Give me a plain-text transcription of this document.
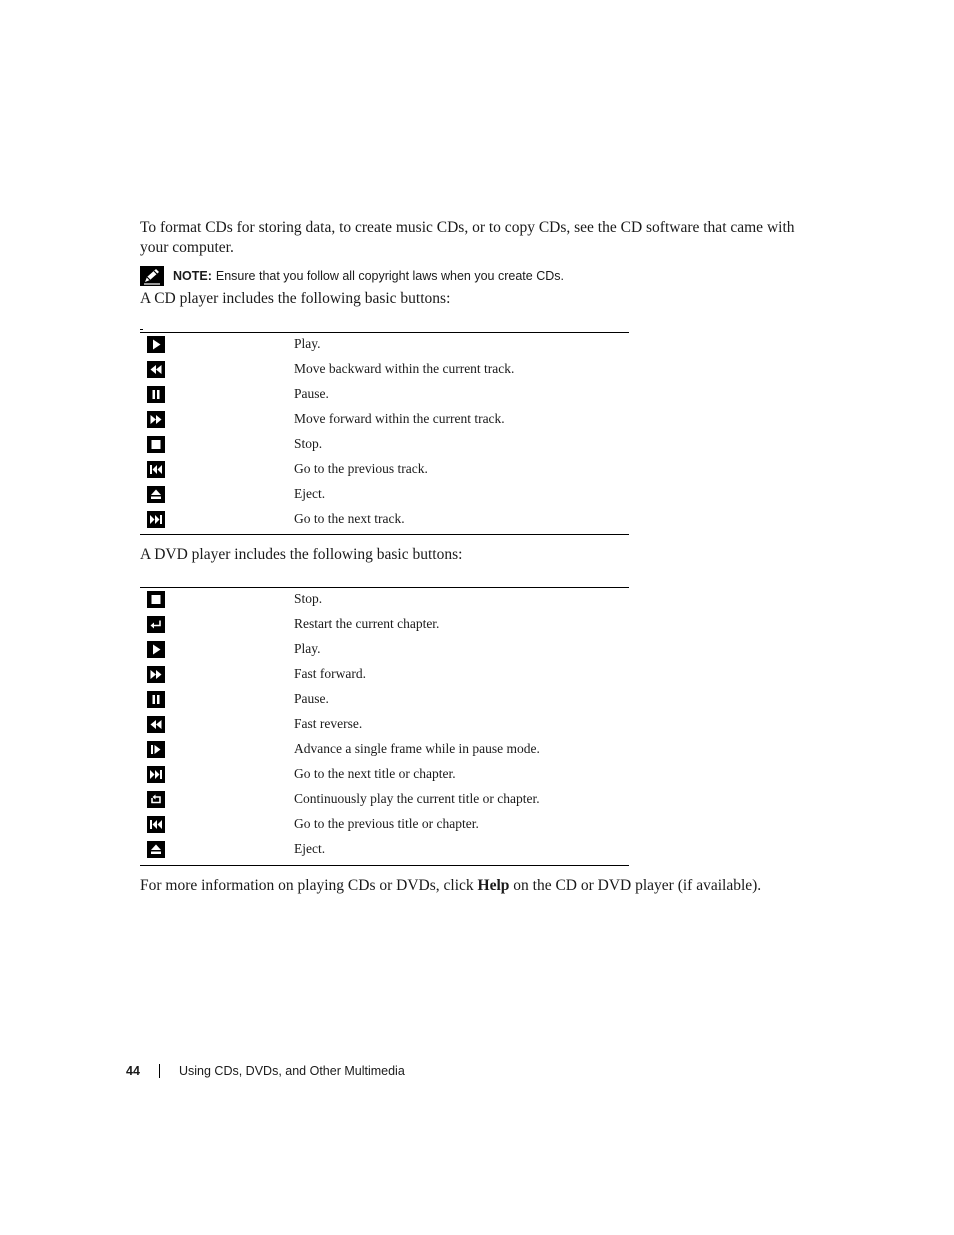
To format CDs for storing data, to create music CDs, or to copy CDs, see the CD software that came with your computer.

NOTE: Ensure that you follow all copyright laws when you create CDs.

A CD player includes the following basic buttons:

Play.
Move backward within the current track.
Pause.
Move forward within the current track.
Stop.
Go to the previous track.
Eject.
Go to the next track.

A DVD player includes the following basic buttons:

Stop.
Restart the current chapter.
Play.
Fast forward.
Pause.
Fast reverse.
Advance a single frame while in pause mode.
Go to the next title or chapter.
Continuously play the current title or chapter.
Go to the previous title or chapter.
Eject.

For more information on playing CDs or DVDs, click Help on the CD or DVD player (if available).

44	Using CDs, DVDs, and Other Multimedia
